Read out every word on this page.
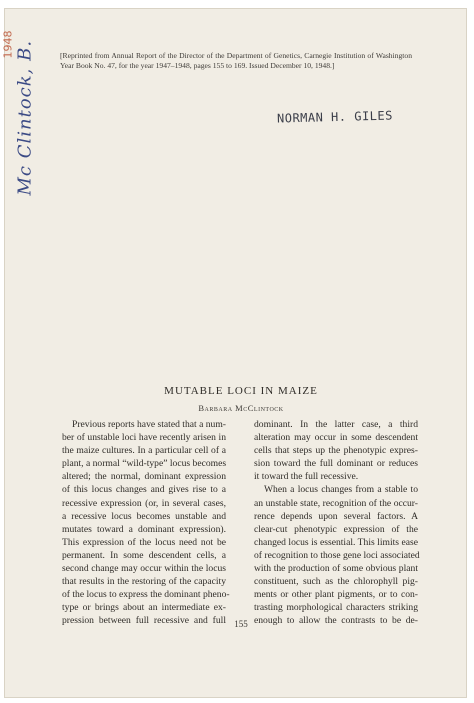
Mc Clintock, B.
1948	[Reprinted from Annual Report of the Director of the Department of Genetics, Carnegie Institution of Washington Year Book No. 47, for the year 1947–1948, pages 155 to 169. Issued December 10, 1948.]
NORMAN H. GILES
MUTABLE LOCI IN MAIZE
Barbara McClintock
Previous reports have stated that a num-
ber of unstable loci have recently arisen in
the maize cultures. In a particular cell of a
plant, a normal “wild-type” locus becomes
altered; the normal, dominant expression
of this locus changes and gives rise to a
recessive expression (or, in several cases,
a recessive locus becomes unstable and
mutates toward a dominant expression).
This expression of the locus need not be
permanent. In some descendent cells, a
second change may occur within the locus
that results in the restoring of the capacity
of the locus to express the dominant pheno-
type or brings about an intermediate ex-
pression between full recessive and full
dominant. In the latter case, a third
alteration may occur in some descendent
cells that steps up the phenotypic expres-
sion toward the full dominant or reduces
it toward the full recessive.
When a locus changes from a stable to
an unstable state, recognition of the occur-
rence depends upon several factors. A
clear-cut phenotypic expression of the
changed locus is essential. This limits ease
of recognition to those gene loci associated
with the production of some obvious plant
constituent, such as the chlorophyll pig-
ments or other plant pigments, or to con-
trasting morphological characters striking
enough to allow the contrasts to be de-
155
